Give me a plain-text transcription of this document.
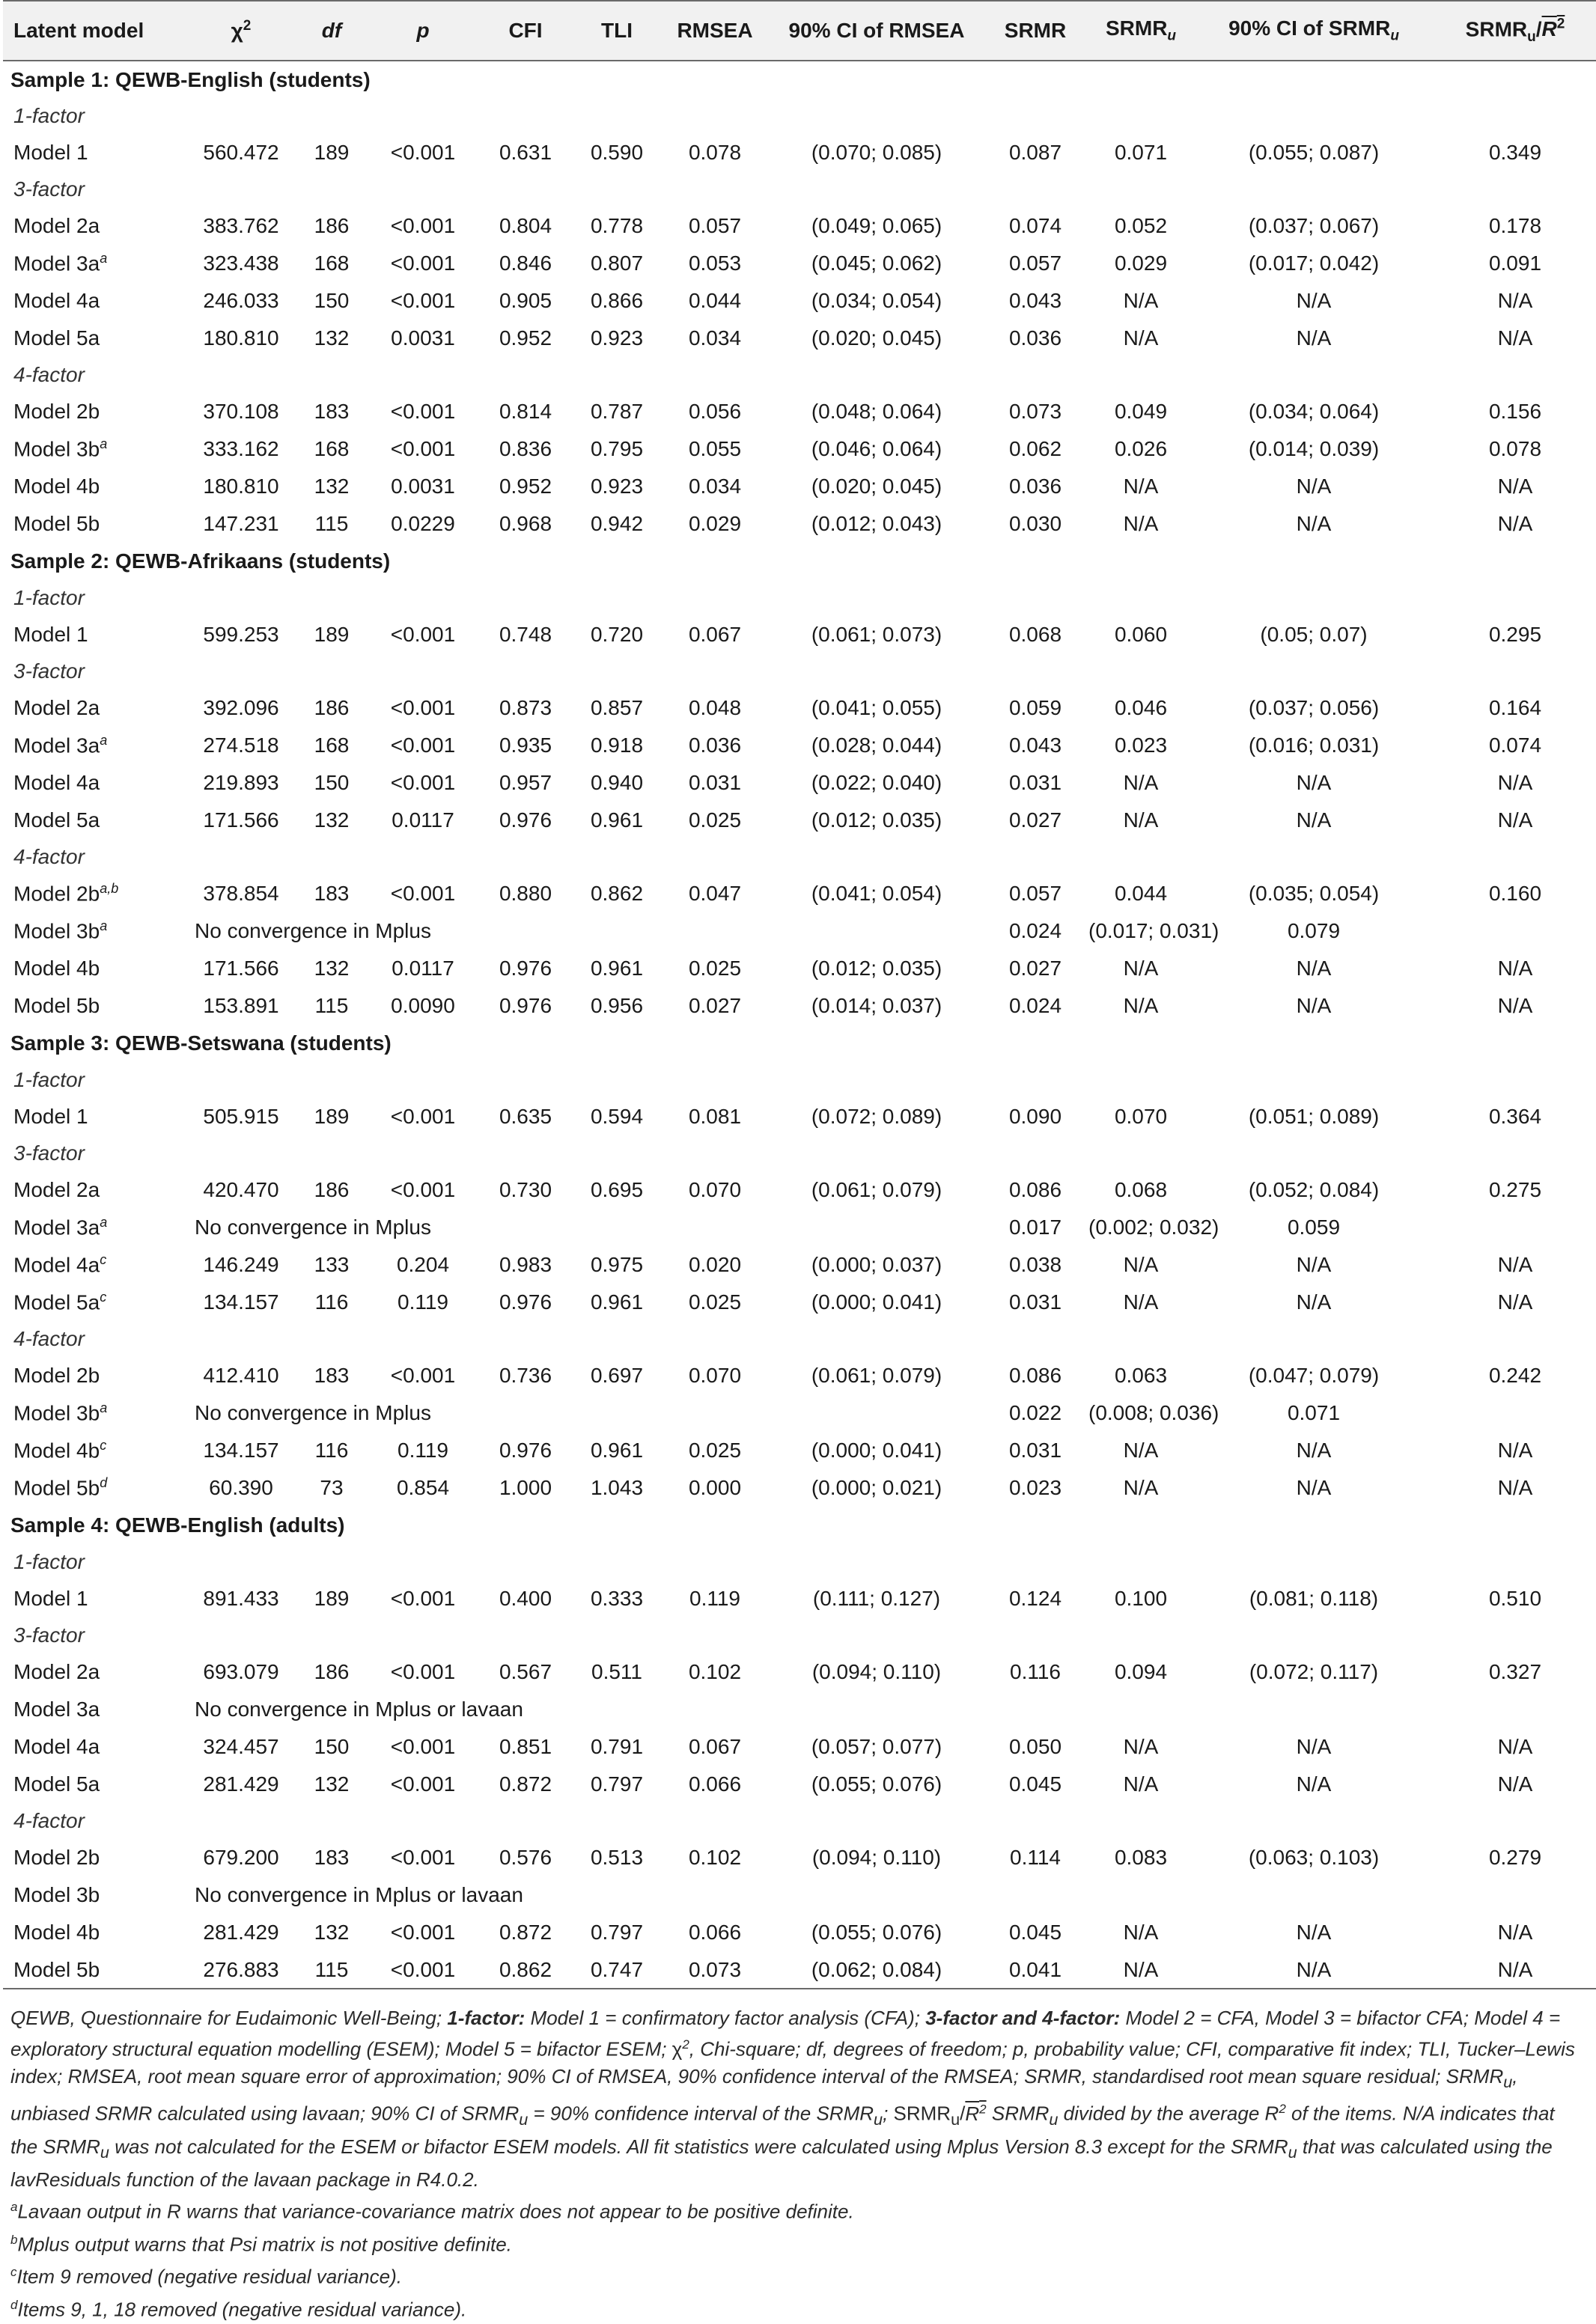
Latent model	$\chi^2$	df	p	CFI	TLI	RMSEA	90% CI of RMSEA	SRMR	$SRMR_u$	90% CI of $SRMR_u$	$SRMR_u/R^2$
Sample 1: QEWB-English (students)											
1-factor											
Model 1	560.472	189	<0.001	0.631	0.590	0.078	(0.070; 0.085)	0.087	0.071	(0.055; 0.087)	0.349
3-factor											
Model 2a	383.762	186	<0.001	0.804	0.778	0.057	(0.049; 0.065)	0.074	0.052	(0.037; 0.067)	0.178
Model $3a^a$	323.438	168	<0.001	0.846	0.807	0.053	(0.045; 0.062)	0.057	0.029	(0.017; 0.042)	0.091
Model 4a	246.033	150	<0.001	0.905	0.866	0.044	(0.034; 0.054)	0.043	N/A	N/A	N/A
Model 5a	180.810	132	0.0031	0.952	0.923	0.034	(0.020; 0.045)	0.036	N/A	N/A	N/A
4-factor											
Model 2b	370.108	183	<0.001	0.814	0.787	0.056	(0.048; 0.064)	0.073	0.049	(0.034; 0.064)	0.156
Model $3b^a$	333.162	168	<0.001	0.836	0.795	0.055	(0.046; 0.064)	0.062	0.026	(0.014; 0.039)	0.078
Model 4b	180.810	132	0.0031	0.952	0.923	0.034	(0.020; 0.045)	0.036	N/A	N/A	N/A
Model 5b	147.231	115	0.0229	0.968	0.942	0.029	(0.012; 0.043)	0.030	N/A	N/A	N/A
Sample 2: QEWB-Afrikaans (students)											
1-factor											
Model 1	599.253	189	<0.001	0.748	0.720	0.067	(0.061; 0.073)	0.068	0.060	(0.05; 0.07)	0.295
3-factor											
Model 2a	392.096	186	<0.001	0.873	0.857	0.048	(0.041; 0.055)	0.059	0.046	(0.037; 0.056)	0.164
Model $3a^a$	274.518	168	<0.001	0.935	0.918	0.036	(0.028; 0.044)	0.043	0.023	(0.016; 0.031)	0.074
Model 4a	219.893	150	<0.001	0.957	0.940	0.031	(0.022; 0.040)	0.031	N/A	N/A	N/A
Model 5a	171.566	132	0.0117	0.976	0.961	0.025	(0.012; 0.035)	0.027	N/A	N/A	N/A
4-factor											
Model $2b^{a,b}$	378.854	183	<0.001	0.880	0.862	0.047	(0.041; 0.054)	0.057	0.044	(0.035; 0.054)	0.160
Model $3b^a$	No convergence in Mplus							0.024	(0.017; 0.031)	0.079	
Model 4b	171.566	132	0.0117	0.976	0.961	0.025	(0.012; 0.035)	0.027	N/A	N/A	N/A
Model 5b	153.891	115	0.0090	0.976	0.956	0.027	(0.014; 0.037)	0.024	N/A	N/A	N/A
Sample 3: QEWB-Setswana (students)											
1-factor											
Model 1	505.915	189	<0.001	0.635	0.594	0.081	(0.072; 0.089)	0.090	0.070	(0.051; 0.089)	0.364
3-factor											
Model 2a	420.470	186	<0.001	0.730	0.695	0.070	(0.061; 0.079)	0.086	0.068	(0.052; 0.084)	0.275
Model $3a^a$	No convergence in Mplus							0.017	(0.002; 0.032)	0.059	
Model $4a^c$	146.249	133	0.204	0.983	0.975	0.020	(0.000; 0.037)	0.038	N/A	N/A	N/A
Model $5a^c$	134.157	116	0.119	0.976	0.961	0.025	(0.000; 0.041)	0.031	N/A	N/A	N/A
4-factor											
Model 2b	412.410	183	<0.001	0.736	0.697	0.070	(0.061; 0.079)	0.086	0.063	(0.047; 0.079)	0.242
Model $3b^a$	No convergence in Mplus							0.022	(0.008; 0.036)	0.071	
Model $4b^c$	134.157	116	0.119	0.976	0.961	0.025	(0.000; 0.041)	0.031	N/A	N/A	N/A
Model $5b^d$	60.390	73	0.854	1.000	1.043	0.000	(0.000; 0.021)	0.023	N/A	N/A	N/A
Sample 4: QEWB-English (adults)											
1-factor											
Model 1	891.433	189	<0.001	0.400	0.333	0.119	(0.111; 0.127)	0.124	0.100	(0.081; 0.118)	0.510
3-factor											
Model 2a	693.079	186	<0.001	0.567	0.511	0.102	(0.094; 0.110)	0.116	0.094	(0.072; 0.117)	0.327
Model 3a	No convergence in Mplus or lavaan										
Model 4a	324.457	150	<0.001	0.851	0.791	0.067	(0.057; 0.077)	0.050	N/A	N/A	N/A
Model 5a	281.429	132	<0.001	0.872	0.797	0.066	(0.055; 0.076)	0.045	N/A	N/A	N/A
4-factor											
Model 2b	679.200	183	<0.001	0.576	0.513	0.102	(0.094; 0.110)	0.114	0.083	(0.063; 0.103)	0.279
Model 3b	No convergence in Mplus or lavaan										
Model 4b	281.429	132	<0.001	0.872	0.797	0.066	(0.055; 0.076)	0.045	N/A	N/A	N/A
Model 5b	276.883	115	<0.001	0.862	0.747	0.073	(0.062; 0.084)	0.041	N/A	N/A	N/A

QEWB, Questionnaire for Eudaimonic Well-Being; 1-factor: Model 1 = confirmatory factor analysis (CFA); 3-factor and 4-factor: Model 2 = CFA, Model 3 = bifactor CFA; Model 4 = exploratory structural equation modelling (ESEM); Model 5 = bifactor ESEM; $\chi^2$, Chi-square; df, degrees of freedom; p, probability value; CFI, comparative fit index; TLI, Tucker–Lewis index; RMSEA, root mean square error of approximation; 90% CI of RMSEA, 90% confidence interval of the RMSEA; SRMR, standardised root mean square residual; $SRMR_u$, unbiased SRMR calculated using lavaan; 90% CI of $SRMR_u = 90\%$ confidence interval of the $SRMR_u$; $SRMR_u/R^2$ $SRMR_u$ divided by the average $R^2$ of the items. N/A indicates that the $SRMR_u$ was not calculated for the ESEM or bifactor ESEM models. All fit statistics were calculated using Mplus Version 8.3 except for the $SRMR_u$ that was calculated using the lavResiduals function of the lavaan package in R4.0.2.

$^a$Lavaan output in R warns that variance-covariance matrix does not appear to be positive definite.

$^b$Mplus output warns that Psi matrix is not positive definite.

$^c$Item 9 removed (negative residual variance).

$^d$Items 9, 1, 18 removed (negative residual variance).
